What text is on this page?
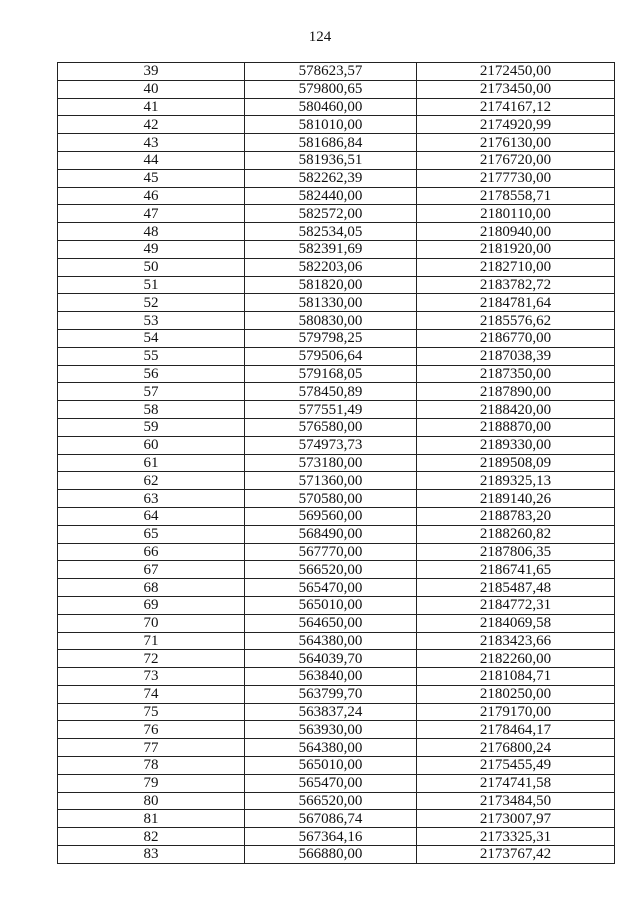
124
39	578623,57	2172450,00
40	579800,65	2173450,00
41	580460,00	2174167,12
42	581010,00	2174920,99
43	581686,84	2176130,00
44	581936,51	2176720,00
45	582262,39	2177730,00
46	582440,00	2178558,71
47	582572,00	2180110,00
48	582534,05	2180940,00
49	582391,69	2181920,00
50	582203,06	2182710,00
51	581820,00	2183782,72
52	581330,00	2184781,64
53	580830,00	2185576,62
54	579798,25	2186770,00
55	579506,64	2187038,39
56	579168,05	2187350,00
57	578450,89	2187890,00
58	577551,49	2188420,00
59	576580,00	2188870,00
60	574973,73	2189330,00
61	573180,00	2189508,09
62	571360,00	2189325,13
63	570580,00	2189140,26
64	569560,00	2188783,20
65	568490,00	2188260,82
66	567770,00	2187806,35
67	566520,00	2186741,65
68	565470,00	2185487,48
69	565010,00	2184772,31
70	564650,00	2184069,58
71	564380,00	2183423,66
72	564039,70	2182260,00
73	563840,00	2181084,71
74	563799,70	2180250,00
75	563837,24	2179170,00
76	563930,00	2178464,17
77	564380,00	2176800,24
78	565010,00	2175455,49
79	565470,00	2174741,58
80	566520,00	2173484,50
81	567086,74	2173007,97
82	567364,16	2173325,31
83	566880,00	2173767,42
